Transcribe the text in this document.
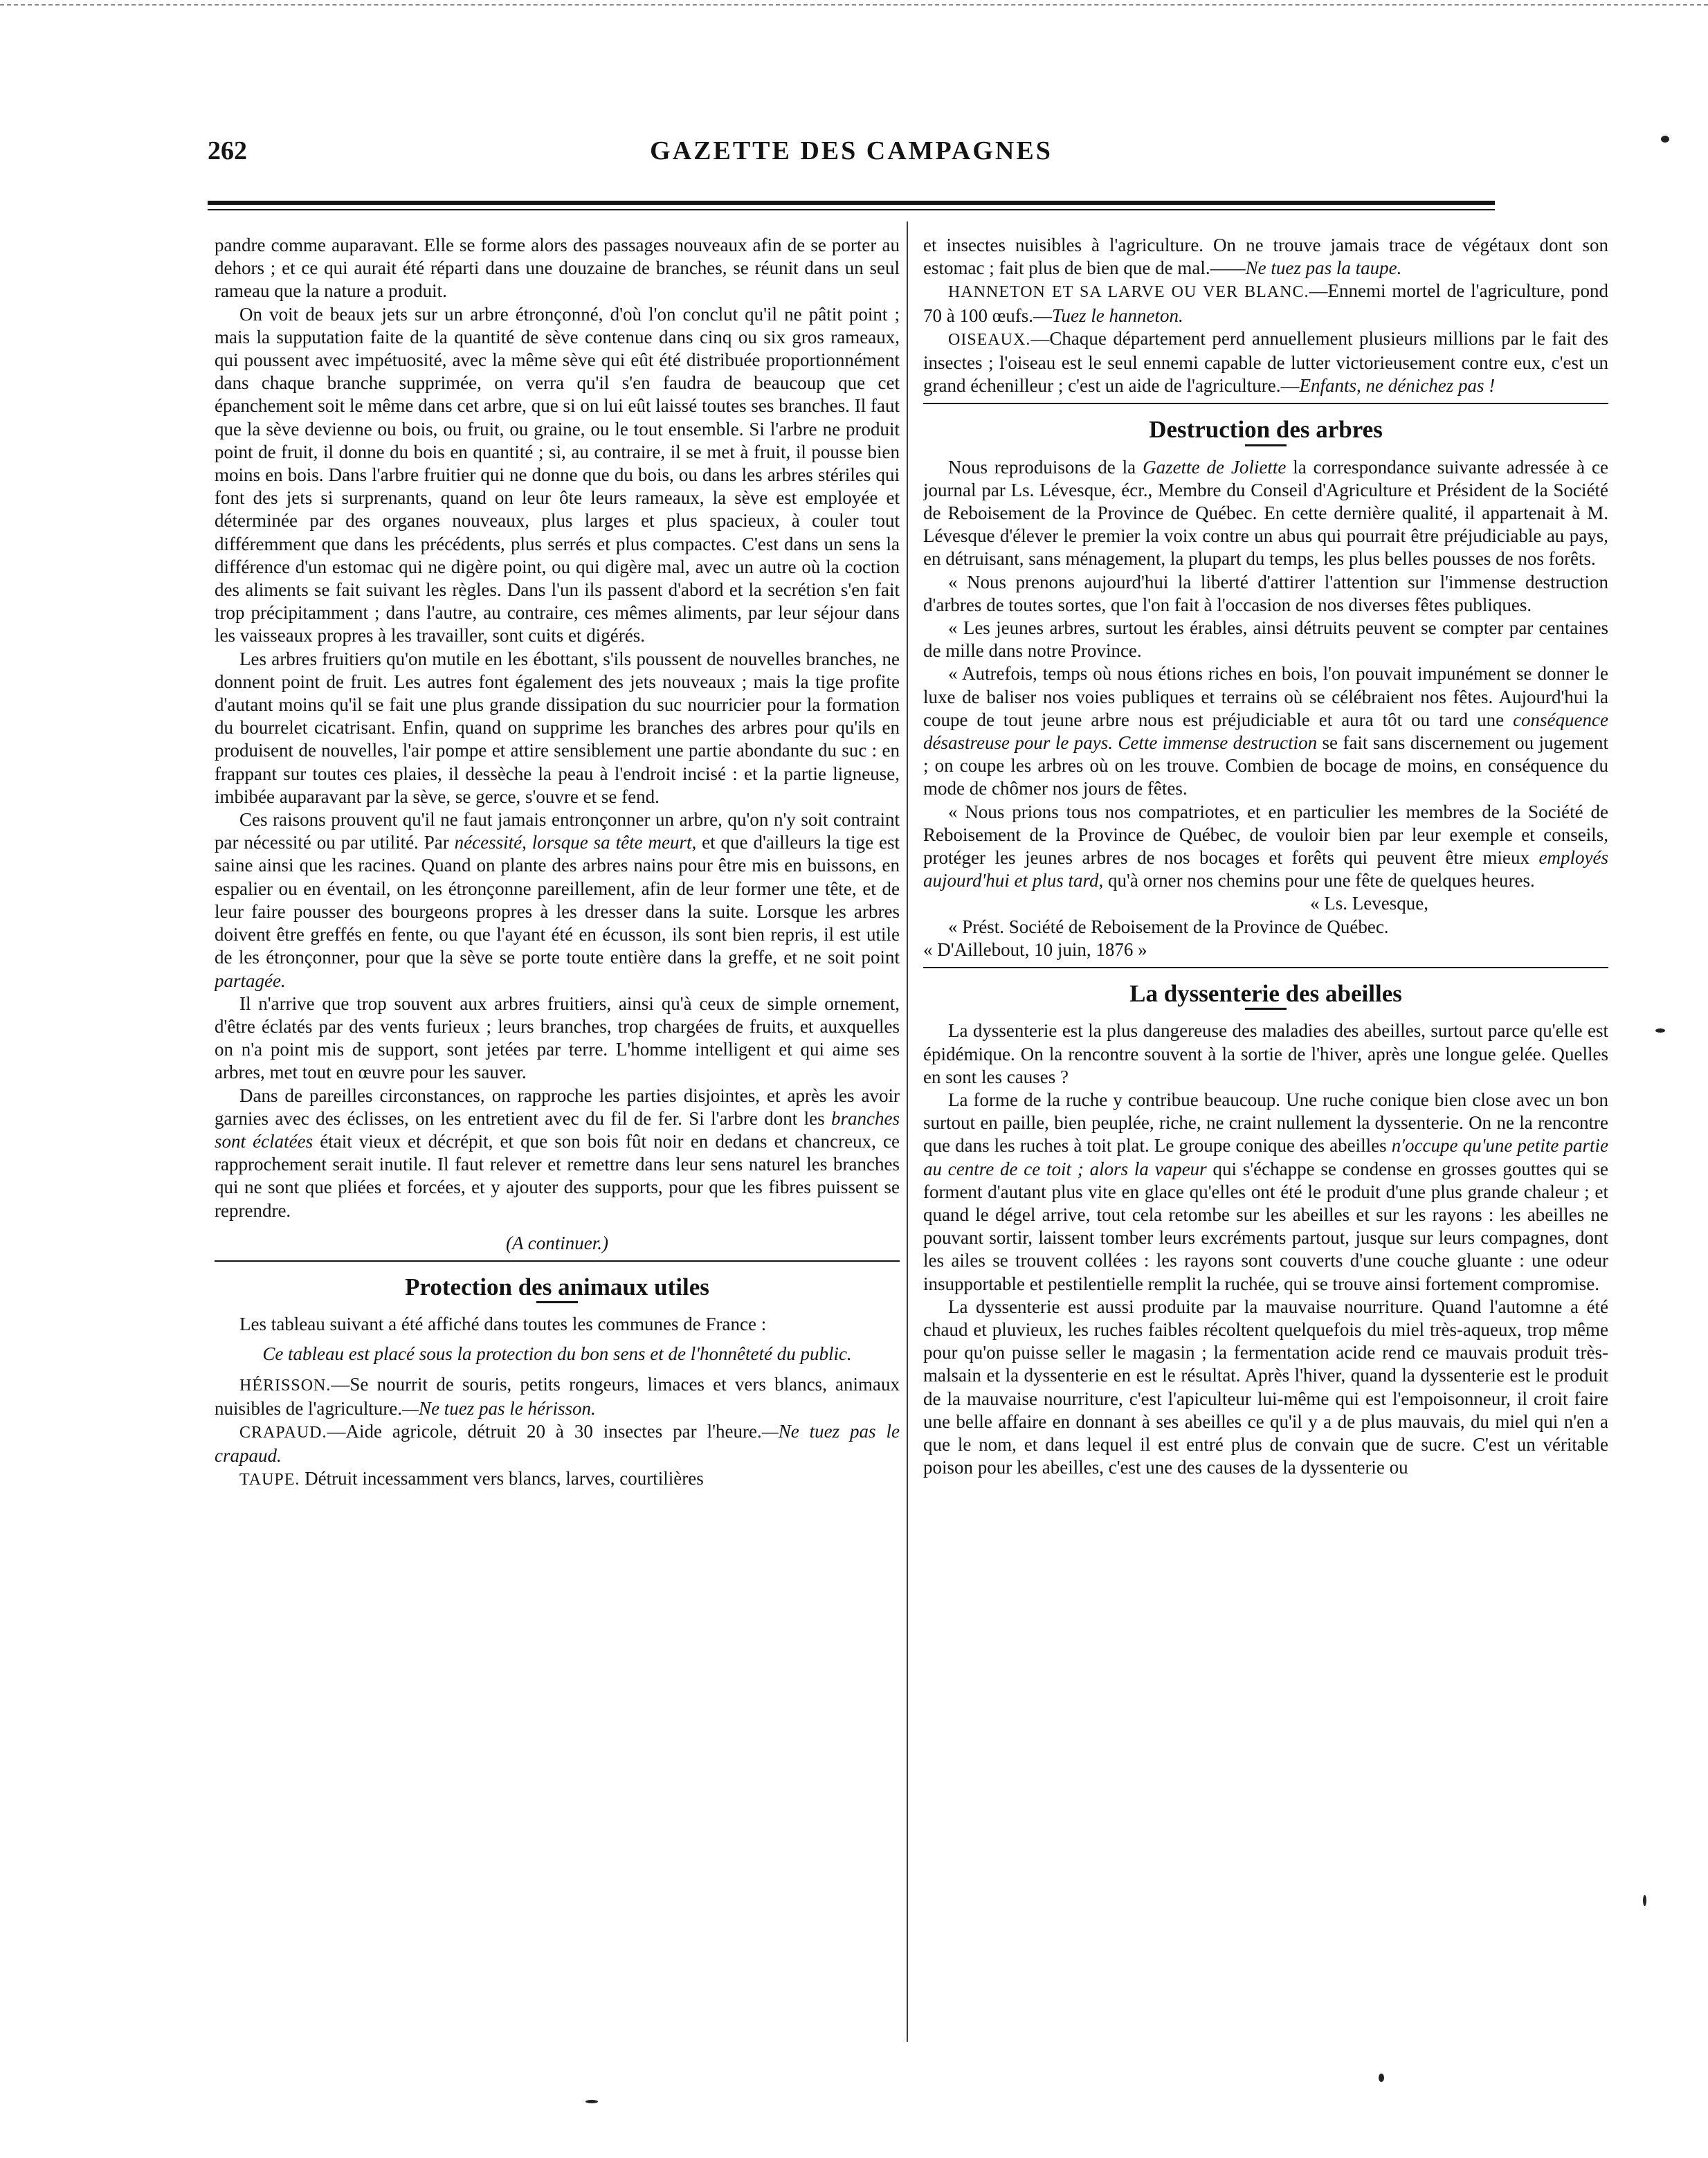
262	GAZETTE DES CAMPAGNES

pandre comme auparavant. Elle se forme alors des passages nouveaux afin de se porter au dehors ; et ce qui aurait été réparti dans une douzaine de branches, se réunit dans un seul rameau que la nature a produit.

On voit de beaux jets sur un arbre étronçonné, d'où l'on conclut qu'il ne pâtit point ; mais la supputation faite de la quantité de sève contenue dans cinq ou six gros rameaux, qui poussent avec impétuosité, avec la même sève qui eût été distribuée proportionnément dans chaque branche supprimée, on verra qu'il s'en faudra de beaucoup que cet épanchement soit le même dans cet arbre, que si on lui eût laissé toutes ses branches. Il faut que la sève devienne ou bois, ou fruit, ou graine, ou le tout ensemble. Si l'arbre ne produit point de fruit, il donne du bois en quantité ; si, au contraire, il se met à fruit, il pousse bien moins en bois. Dans l'arbre fruitier qui ne donne que du bois, ou dans les arbres stériles qui font des jets si surprenants, quand on leur ôte leurs rameaux, la sève est employée et déterminée par des organes nouveaux, plus larges et plus spacieux, à couler tout différemment que dans les précédents, plus serrés et plus compactes. C'est dans un sens la différence d'un estomac qui ne digère point, ou qui digère mal, avec un autre où la coction des aliments se fait suivant les règles. Dans l'un ils passent d'abord et la secrétion s'en fait trop précipitamment ; dans l'autre, au contraire, ces mêmes aliments, par leur séjour dans les vaisseaux propres à les travailler, sont cuits et digérés.

Les arbres fruitiers qu'on mutile en les ébottant, s'ils poussent de nouvelles branches, ne donnent point de fruit. Les autres font également des jets nouveaux ; mais la tige profite d'autant moins qu'il se fait une plus grande dissipation du suc nourricier pour la formation du bourrelet cicatrisant. Enfin, quand on supprime les branches des arbres pour qu'ils en produisent de nouvelles, l'air pompe et attire sensiblement une partie abondante du suc : en frappant sur toutes ces plaies, il dessèche la peau à l'endroit incisé : et la partie ligneuse, imbibée auparavant par la sève, se gerce, s'ouvre et se fend.

Ces raisons prouvent qu'il ne faut jamais entronçonner un arbre, qu'on n'y soit contraint par nécessité ou par utilité. Par nécessité, lorsque sa tête meurt, et que d'ailleurs la tige est saine ainsi que les racines. Quand on plante des arbres nains pour être mis en buissons, en espalier ou en éventail, on les étronçonne pareillement, afin de leur former une tête, et de leur faire pousser des bourgeons propres à les dresser dans la suite. Lorsque les arbres doivent être greffés en fente, ou que l'ayant été en écusson, ils sont bien repris, il est utile de les étronçonner, pour que la sève se porte toute entière dans la greffe, et ne soit point partagée.

Il n'arrive que trop souvent aux arbres fruitiers, ainsi qu'à ceux de simple ornement, d'être éclatés par des vents furieux ; leurs branches, trop chargées de fruits, et auxquelles on n'a point mis de support, sont jetées par terre. L'homme intelligent et qui aime ses arbres, met tout en œuvre pour les sauver.

Dans de pareilles circonstances, on rapproche les parties disjointes, et après les avoir garnies avec des éclisses, on les entretient avec du fil de fer. Si l'arbre dont les branches sont éclatées était vieux et décrépit, et que son bois fût noir en dedans et chancreux, ce rapprochement serait inutile. Il faut relever et remettre dans leur sens naturel les branches qui ne sont que pliées et forcées, et y ajouter des supports, pour que les fibres puissent se reprendre.

(A continuer.)

Protection des animaux utiles

Les tableau suivant a été affiché dans toutes les communes de France :

Ce tableau est placé sous la protection du bon sens et de l'honnêteté du public.

HÉRISSON.—Se nourrit de souris, petits rongeurs, limaces et vers blancs, animaux nuisibles de l'agriculture.—Ne tuez pas le hérisson.

CRAPAUD.—Aide agricole, détruit 20 à 30 insectes par l'heure.—Ne tuez pas le crapaud.

TAUPE. Détruit incessamment vers blancs, larves, courtilières

et insectes nuisibles à l'agriculture. On ne trouve jamais trace de végétaux dont son estomac ; fait plus de bien que de mal.——Ne tuez pas la taupe.

HANNETON ET SA LARVE OU VER BLANC.—Ennemi mortel de l'agriculture, pond 70 à 100 œufs.—Tuez le hanneton.

OISEAUX.—Chaque département perd annuellement plusieurs millions par le fait des insectes ; l'oiseau est le seul ennemi capable de lutter victorieusement contre eux, c'est un grand échenilleur ; c'est un aide de l'agriculture.—Enfants, ne dénichez pas !

Destruction des arbres

Nous reproduisons de la Gazette de Joliette la correspondance suivante adressée à ce journal par Ls. Lévesque, écr., Membre du Conseil d'Agriculture et Président de la Société de Reboisement de la Province de Québec. En cette dernière qualité, il appartenait à M. Lévesque d'élever le premier la voix contre un abus qui pourrait être préjudiciable au pays, en détruisant, sans ménagement, la plupart du temps, les plus belles pousses de nos forêts.

« Nous prenons aujourd'hui la liberté d'attirer l'attention sur l'immense destruction d'arbres de toutes sortes, que l'on fait à l'occasion de nos diverses fêtes publiques.

« Les jeunes arbres, surtout les érables, ainsi détruits peuvent se compter par centaines de mille dans notre Province.

« Autrefois, temps où nous étions riches en bois, l'on pouvait impunément se donner le luxe de baliser nos voies publiques et terrains où se célébraient nos fêtes. Aujourd'hui la coupe de tout jeune arbre nous est préjudiciable et aura tôt ou tard une conséquence désastreuse pour le pays. Cette immense destruction se fait sans discernement ou jugement ; on coupe les arbres où on les trouve. Combien de bocage de moins, en conséquence du mode de chômer nos jours de fêtes.

« Nous prions tous nos compatriotes, et en particulier les membres de la Société de Reboisement de la Province de Québec, de vouloir bien par leur exemple et conseils, protéger les jeunes arbres de nos bocages et forêts qui peuvent être mieux employés aujourd'hui et plus tard, qu'à orner nos chemins pour une fête de quelques heures.

« Ls. Levesque,

« Prést. Société de Reboisement de la Province de Québec.

« D'Aillebout, 10 juin, 1876 »

La dyssenterie des abeilles

La dyssenterie est la plus dangereuse des maladies des abeilles, surtout parce qu'elle est épidémique. On la rencontre souvent à la sortie de l'hiver, après une longue gelée. Quelles en sont les causes ?

La forme de la ruche y contribue beaucoup. Une ruche conique bien close avec un bon surtout en paille, bien peuplée, riche, ne craint nullement la dyssenterie. On ne la rencontre que dans les ruches à toit plat. Le groupe conique des abeilles n'occupe qu'une petite partie au centre de ce toit ; alors la vapeur qui s'échappe se condense en grosses gouttes qui se forment d'autant plus vite en glace qu'elles ont été le produit d'une plus grande chaleur ; et quand le dégel arrive, tout cela retombe sur les abeilles et sur les rayons : les abeilles ne pouvant sortir, laissent tomber leurs excréments partout, jusque sur leurs compagnes, dont les ailes se trouvent collées : les rayons sont couverts d'une couche gluante : une odeur insupportable et pestilentielle remplit la ruchée, qui se trouve ainsi fortement compromise.

La dyssenterie est aussi produite par la mauvaise nourriture. Quand l'automne a été chaud et pluvieux, les ruches faibles récoltent quelquefois du miel très-aqueux, trop même pour qu'on puisse seller le magasin ; la fermentation acide rend ce mauvais produit très-malsain et la dyssenterie en est le résultat. Après l'hiver, quand la dyssenterie est le produit de la mauvaise nourriture, c'est l'apiculteur lui-même qui est l'empoisonneur, il croit faire une belle affaire en donnant à ses abeilles ce qu'il y a de plus mauvais, du miel qui n'en a que le nom, et dans lequel il est entré plus de convain que de sucre. C'est un véritable poison pour les abeilles, c'est une des causes de la dyssenterie ou
